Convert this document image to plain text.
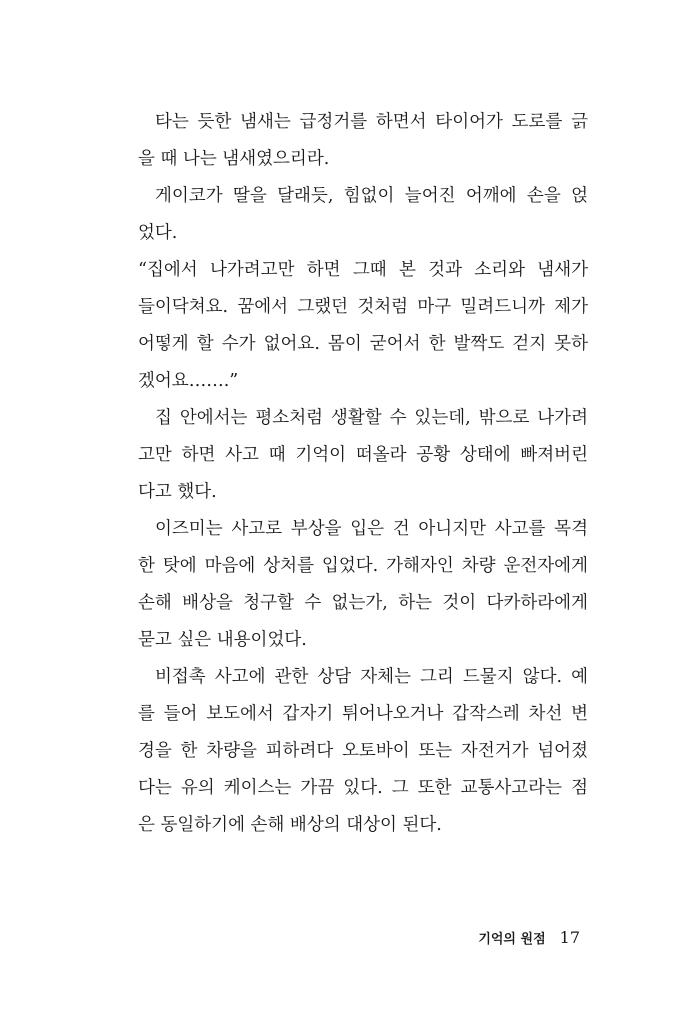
타는 듯한 냄새는 급정거를 하면서 타이어가 도로를 긁
을 때 나는 냄새였으리라.
게이코가 딸을 달래듯, 힘없이 늘어진 어깨에 손을 얹
었다.
“집에서 나가려고만 하면 그때 본 것과 소리와 냄새가
들이닥쳐요. 꿈에서 그랬던 것처럼 마구 밀려드니까 제가
어떻게 할 수가 없어요. 몸이 굳어서 한 발짝도 걷지 못하
겠어요…….”
집 안에서는 평소처럼 생활할 수 있는데, 밖으로 나가려
고만 하면 사고 때 기억이 떠올라 공황 상태에 빠져버린
다고 했다.
이즈미는 사고로 부상을 입은 건 아니지만 사고를 목격
한 탓에 마음에 상처를 입었다. 가해자인 차량 운전자에게
손해 배상을 청구할 수 없는가, 하는 것이 다카하라에게
묻고 싶은 내용이었다.
비접촉 사고에 관한 상담 자체는 그리 드물지 않다. 예
를 들어 보도에서 갑자기 튀어나오거나 갑작스레 차선 변
경을 한 차량을 피하려다 오토바이 또는 자전거가 넘어졌
다는 유의 케이스는 가끔 있다. 그 또한 교통사고라는 점
은 동일하기에 손해 배상의 대상이 된다.
기억의 원점 17
